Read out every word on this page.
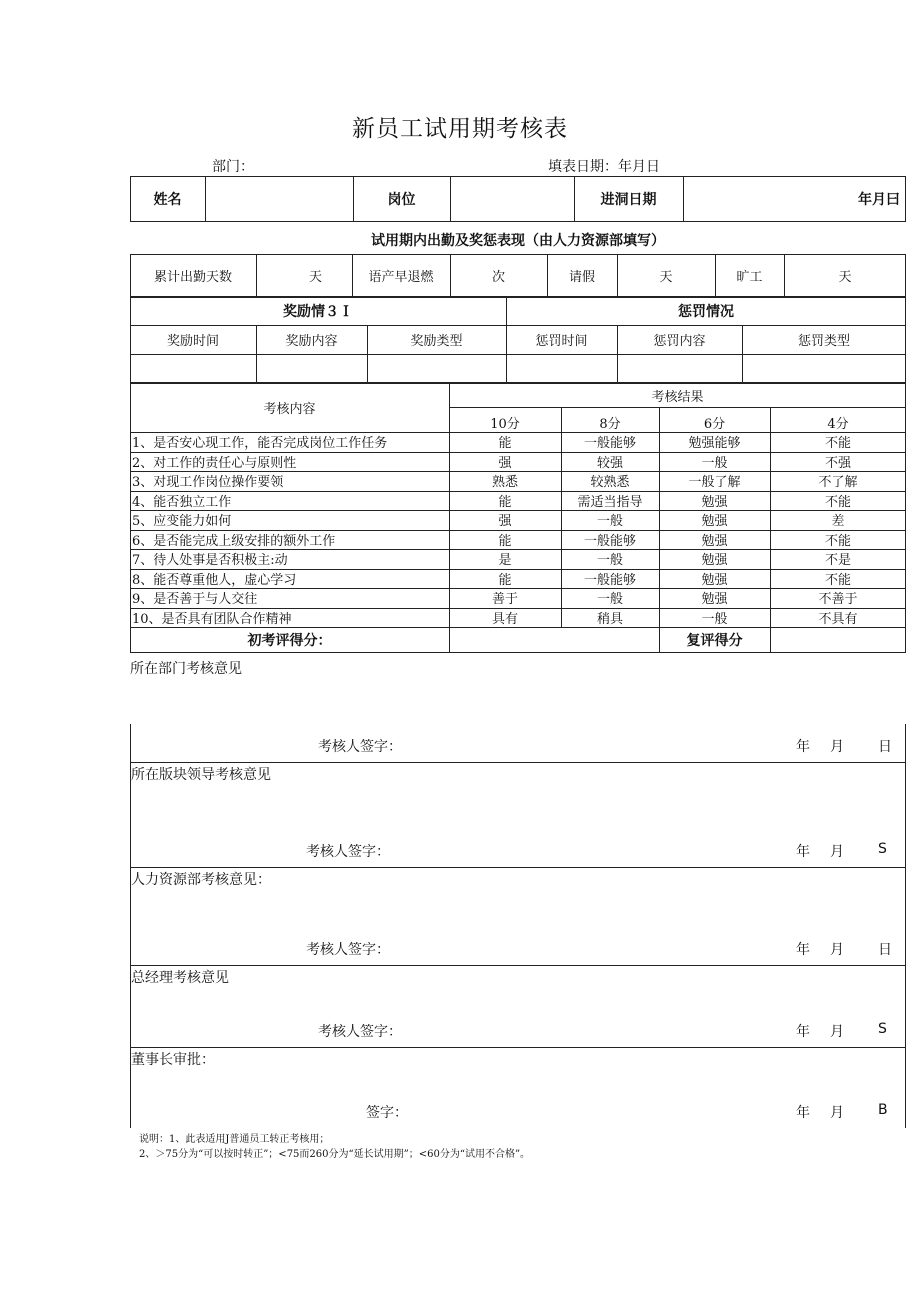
新员工试用期考核表
部门：	填表日期：年月日
姓名	岗位	进洞日期	年月曰
试用期内出勤及奖惩表现（由人力资源部填写）
累计出勤天数	天	语产早退燃	次	请假	天	旷工	天
奖励情３Ｉ	惩罚情况
奖励时间	奖励内容	奖励类型	惩罚时间	惩罚内容	惩罚类型
考核内容
考核结果
10分	8分	6分	4分
1、是否安心现工作，能否完成岗位工作任务	能	一般能够	勉强能够	不能
2、对工作的责任心与原则性	强	较强	一般	不强
3、对现工作岗位操作要领	熟悉	较熟悉	一般了解	不了解
4、能否独立工作	能	需适当指导	勉强	不能
5、应变能力如何	强	一般	勉强	差
6、是否能完成上级安排的额外工作	能	一般能够	勉强	不能
7、待人处事是否积极主:动	是	一般	勉强	不是
8、能否尊重他人，虚心学习	能	一般能够	勉强	不能
9、是否善于与人交往	善于	一般	勉强	不善于
10、是否具有团队合作精神	具有	稍具	一般	不具有
初考评得分：	复评得分
所在部门考核意见
考核人签字：	年 月 日
所在版块领导考核意见
考核人签字：	年 月 S
人力资源部考核意见：
考核人签字：	年 月 日
总经理考核意见
考核人签字：	年 月 S
董事长审批：
签字：	年 月 B
说明：1、此表适用J普通员工转正考核用；
2、＞75分为“可以按时转正”；<75而260分为“延长试用期”；<60分为“试用不合格”。
